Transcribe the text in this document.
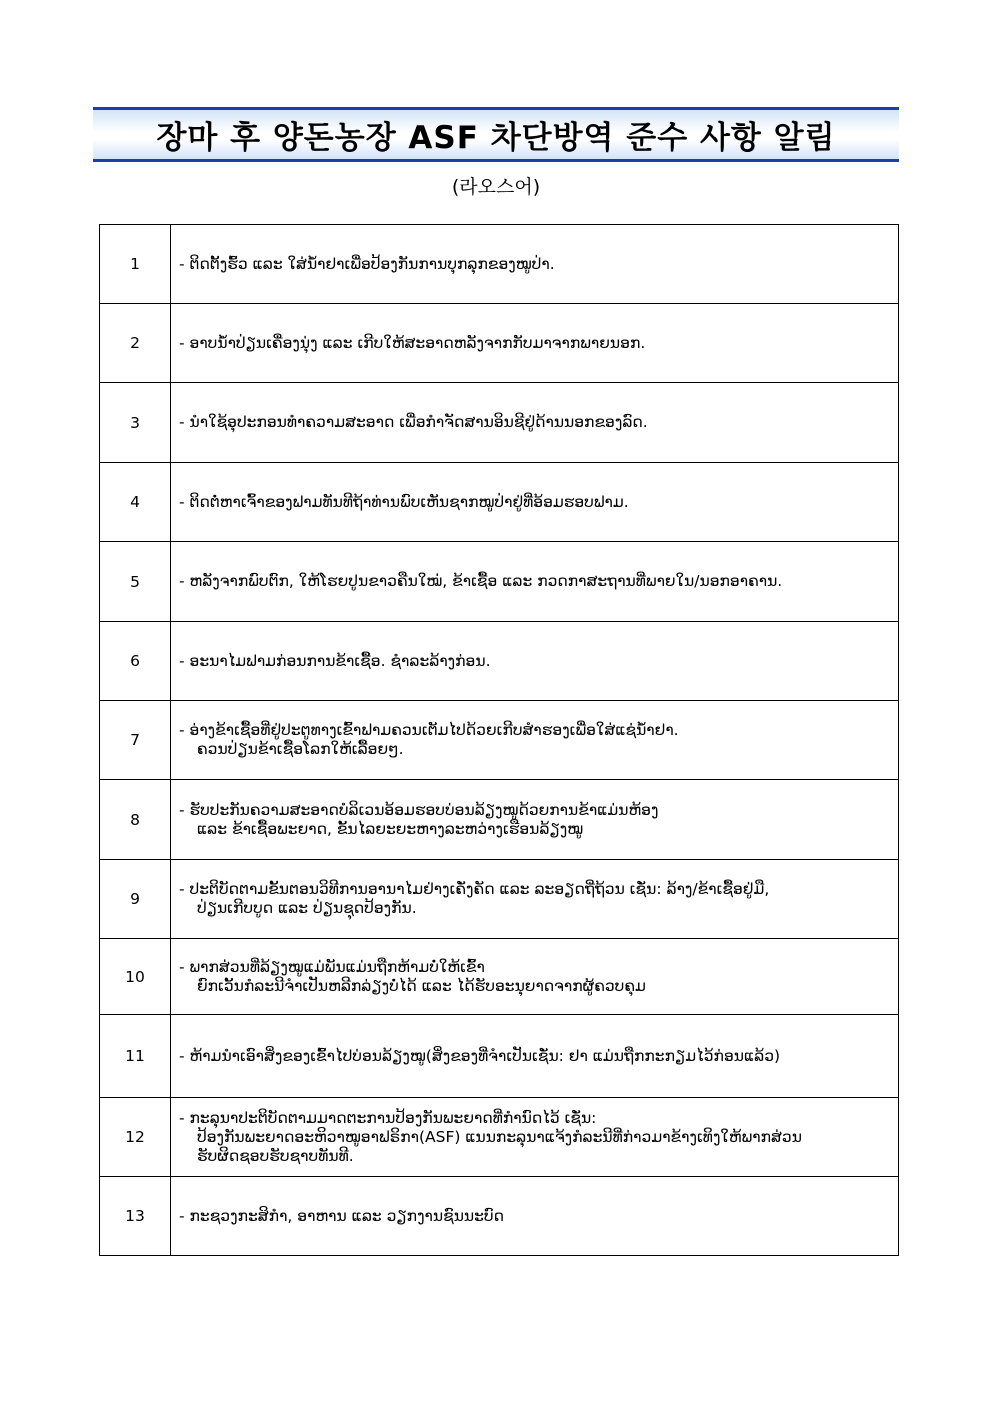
장마 후 양돈농장 ASF 차단방역 준수 사항 알림
(라오스어)
1	- ຕິດຕັ້ງຮົ້ວ ແລະ ໃສ່ນ້ຳຢາເພື່ອປ້ອງກັນການບຸກລຸກຂອງໝູປ່າ.

2	- ອາບນ້ຳປ່ຽນເຄື່ອງນຸ່ງ ແລະ ເກີບໃຫ້ສະອາດຫລັງຈາກກັບມາຈາກພາຍນອກ.

3	- ນຳໃຊ້ອຸປະກອນທຳຄວາມສະອາດ ເພື່ອກຳຈັດສານອິນຊີຢູ່ດ້ານນອກຂອງລົດ.

4	- ຕິດຕໍ່ຫາເຈົ້າຂອງຟາມທັນທີຖ້າທ່ານພົບເຫັນຊາກໝູປ່າຢູ່ທີ່ອ້ອມຮອບຟາມ.

5	- ຫລັງຈາກພົບຕົກ, ໃຫ້ໂຮຍປູນຂາວຄືນໃໝ່, ຂ້າເຊື້ອ ແລະ ກວດກາສະຖານທີ່ພາຍໃນ/ນອກອາຄານ.

6	- ອະນາໄມຟາມກ່ອນການຂ້າເຊື້ອ. ຊຳລະລ້າງກ່ອນ.

7	- ອ່າງຂ້າເຊື້ອທີ່ຢູ່ປະຕູທາງເຂົ້າຟາມຄວນເຕັມໄປດ້ວຍເກີບສຳຮອງເພື່ອໃສ່ແຊ່ນ້ຳຢາ.
ຄວນປ່ຽນຂ້າເຊື້ອໂລກໃຫ້ເລື້ອຍໆ.

8	- ຮັບປະກັນຄວາມສະອາດບໍລິເວນອ້ອມຮອບບ່ອນລ້ຽງໝູດ້ວຍການຂ້າແມ່ນຫ້ອງ
ແລະ ຂ້າເຊື້ອພະຍາດ, ຂັ້ນໄລຍະຍະຫາງລະຫວ່າງເຮືອນລ້ຽງໝູ

9	- ປະຕິບັດຕາມຂັ້ນຕອນວິທີການອານາໄມຢ່າງເຄັ່ງຄັດ ແລະ ລະອຽດຖີ່ຖ້ວນ ເຊັ່ນ: ລ້າງ/ຂ້າເຊື້ອຢູ່ມື,
ປ່ຽນເກີບບູດ ແລະ ປ່ຽນຊຸດປ້ອງກັນ.

10	- ພາກສ່ວນທີ່ລ້ຽງໝູແມ່ພັນແມ່ນຖືກຫ້າມບໍ່ໃຫ້ເຂົ້າ
ຍົກເວັ້ນກໍລະນີຈຳເປັນຫລີກລ່ຽງບໍ່ໄດ້ ແລະ ໄດ້ຮັບອະນຸຍາດຈາກຜູ້ຄວບຄຸມ

11	- ຫ້າມນຳເອົາສິ່ງຂອງເຂົ້າໄປບ່ອນລ້ຽງໝູ(ສິ່ງຂອງທີ່ຈຳເປັນເຊັ່ນ: ຢາ ແມ່ນຖືກກະກຽມໄວ້ກ່ອນແລ້ວ)

12	- ກະລຸນາປະຕິບັດຕາມມາດຕະການປ້ອງກັນພະຍາດທີ່ກຳນົດໄວ້ ເຊັ່ນ:
ປ້ອງກັນພະຍາດອະຫິວາໝູອາຟຣິກາ(ASF) ແນນກະລຸນາແຈ້ງກໍລະນີທີ່ກ່າວມາຂ້າງເທິງໃຫ້ພາກສ່ວນ
ຮັບຜິດຊອບຮັບຊາບທັນທີ.

13	- ກະຊວງກະສິກຳ, ອາຫານ ແລະ ວຽກງານຊົນນະບົດ
